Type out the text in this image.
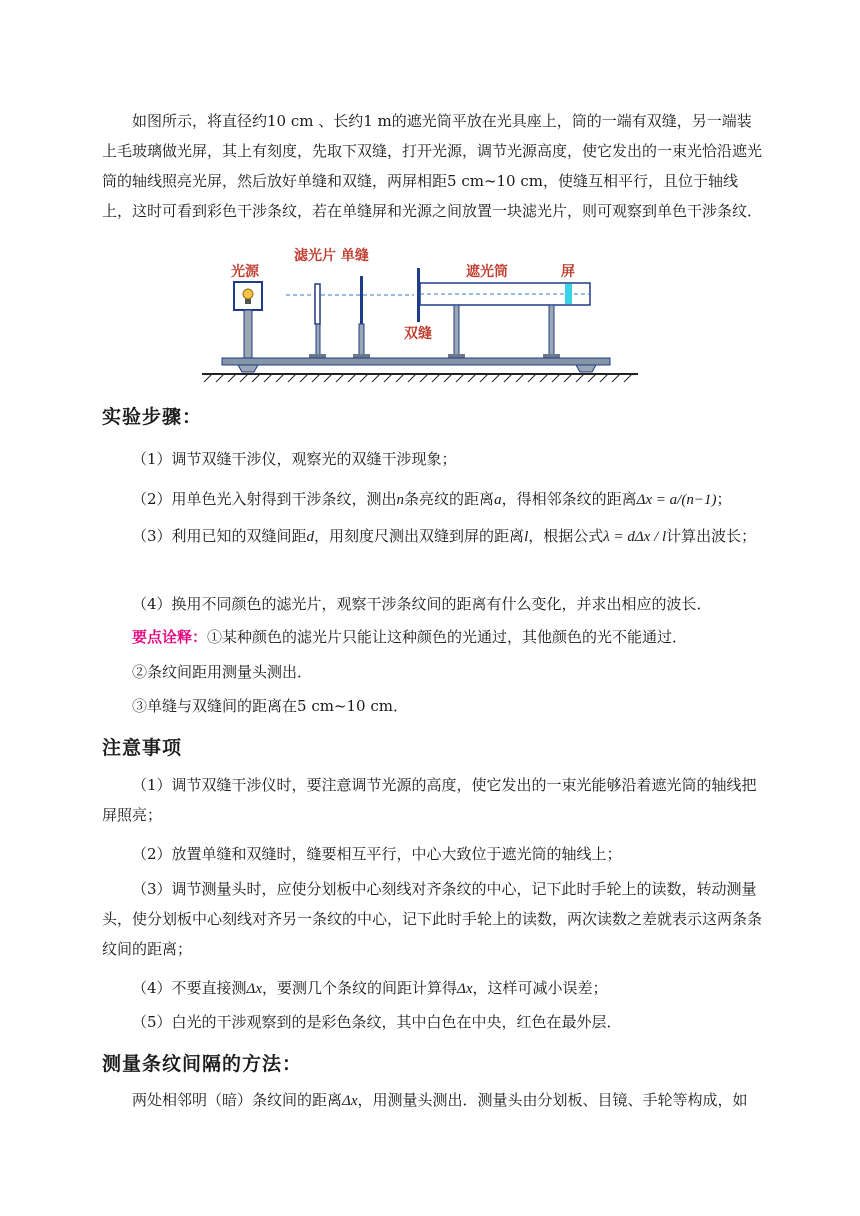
如图所示，将直径约10 cm 、长约1 m的遮光筒平放在光具座上，筒的一端有双缝，另一端装上毛玻璃做光屏，其上有刻度，先取下双缝，打开光源，调节光源高度，使它发出的一束光恰沿遮光筒的轴线照亮光屏，然后放好单缝和双缝，两屏相距5 cm~10 cm，使缝互相平行，且位于轴线上，这时可看到彩色干涉条纹，若在单缝屏和光源之间放置一块滤光片，则可观察到单色干涉条纹．

光源
滤光片 单缝
遮光筒	屏
双缝
实验步骤：

（1）调节双缝干涉仪，观察光的双缝干涉现象；

（2）用单色光入射得到干涉条纹，测出n条亮纹的距离a，得相邻条纹的距离Δx = a/(n−1)；

（3）利用已知的双缝间距d，用刻度尺测出双缝到屏的距离l，根据公式λ = dΔx / l计算出波长；

（4）换用不同颜色的滤光片，观察干涉条纹间的距离有什么变化，并求出相应的波长．

要点诠释：①某种颜色的滤光片只能让这种颜色的光通过，其他颜色的光不能通过．

②条纹间距用测量头测出．

③单缝与双缝间的距离在5 cm~10 cm．

注意事项

（1）调节双缝干涉仪时，要注意调节光源的高度，使它发出的一束光能够沿着遮光筒的轴线把屏照亮；

（2）放置单缝和双缝时，缝要相互平行，中心大致位于遮光筒的轴线上；

（3）调节测量头时，应使分划板中心刻线对齐条纹的中心，记下此时手轮上的读数，转动测量头，使分划板中心刻线对齐另一条纹的中心，记下此时手轮上的读数，两次读数之差就表示这两条条纹间的距离；

（4）不要直接测Δx，要测几个条纹的间距计算得Δx，这样可减小误差；

（5）白光的干涉观察到的是彩色条纹，其中白色在中央，红色在最外层．

测量条纹间隔的方法：

两处相邻明（暗）条纹间的距离Δx，用测量头测出．测量头由分划板、目镜、手轮等构成，如
